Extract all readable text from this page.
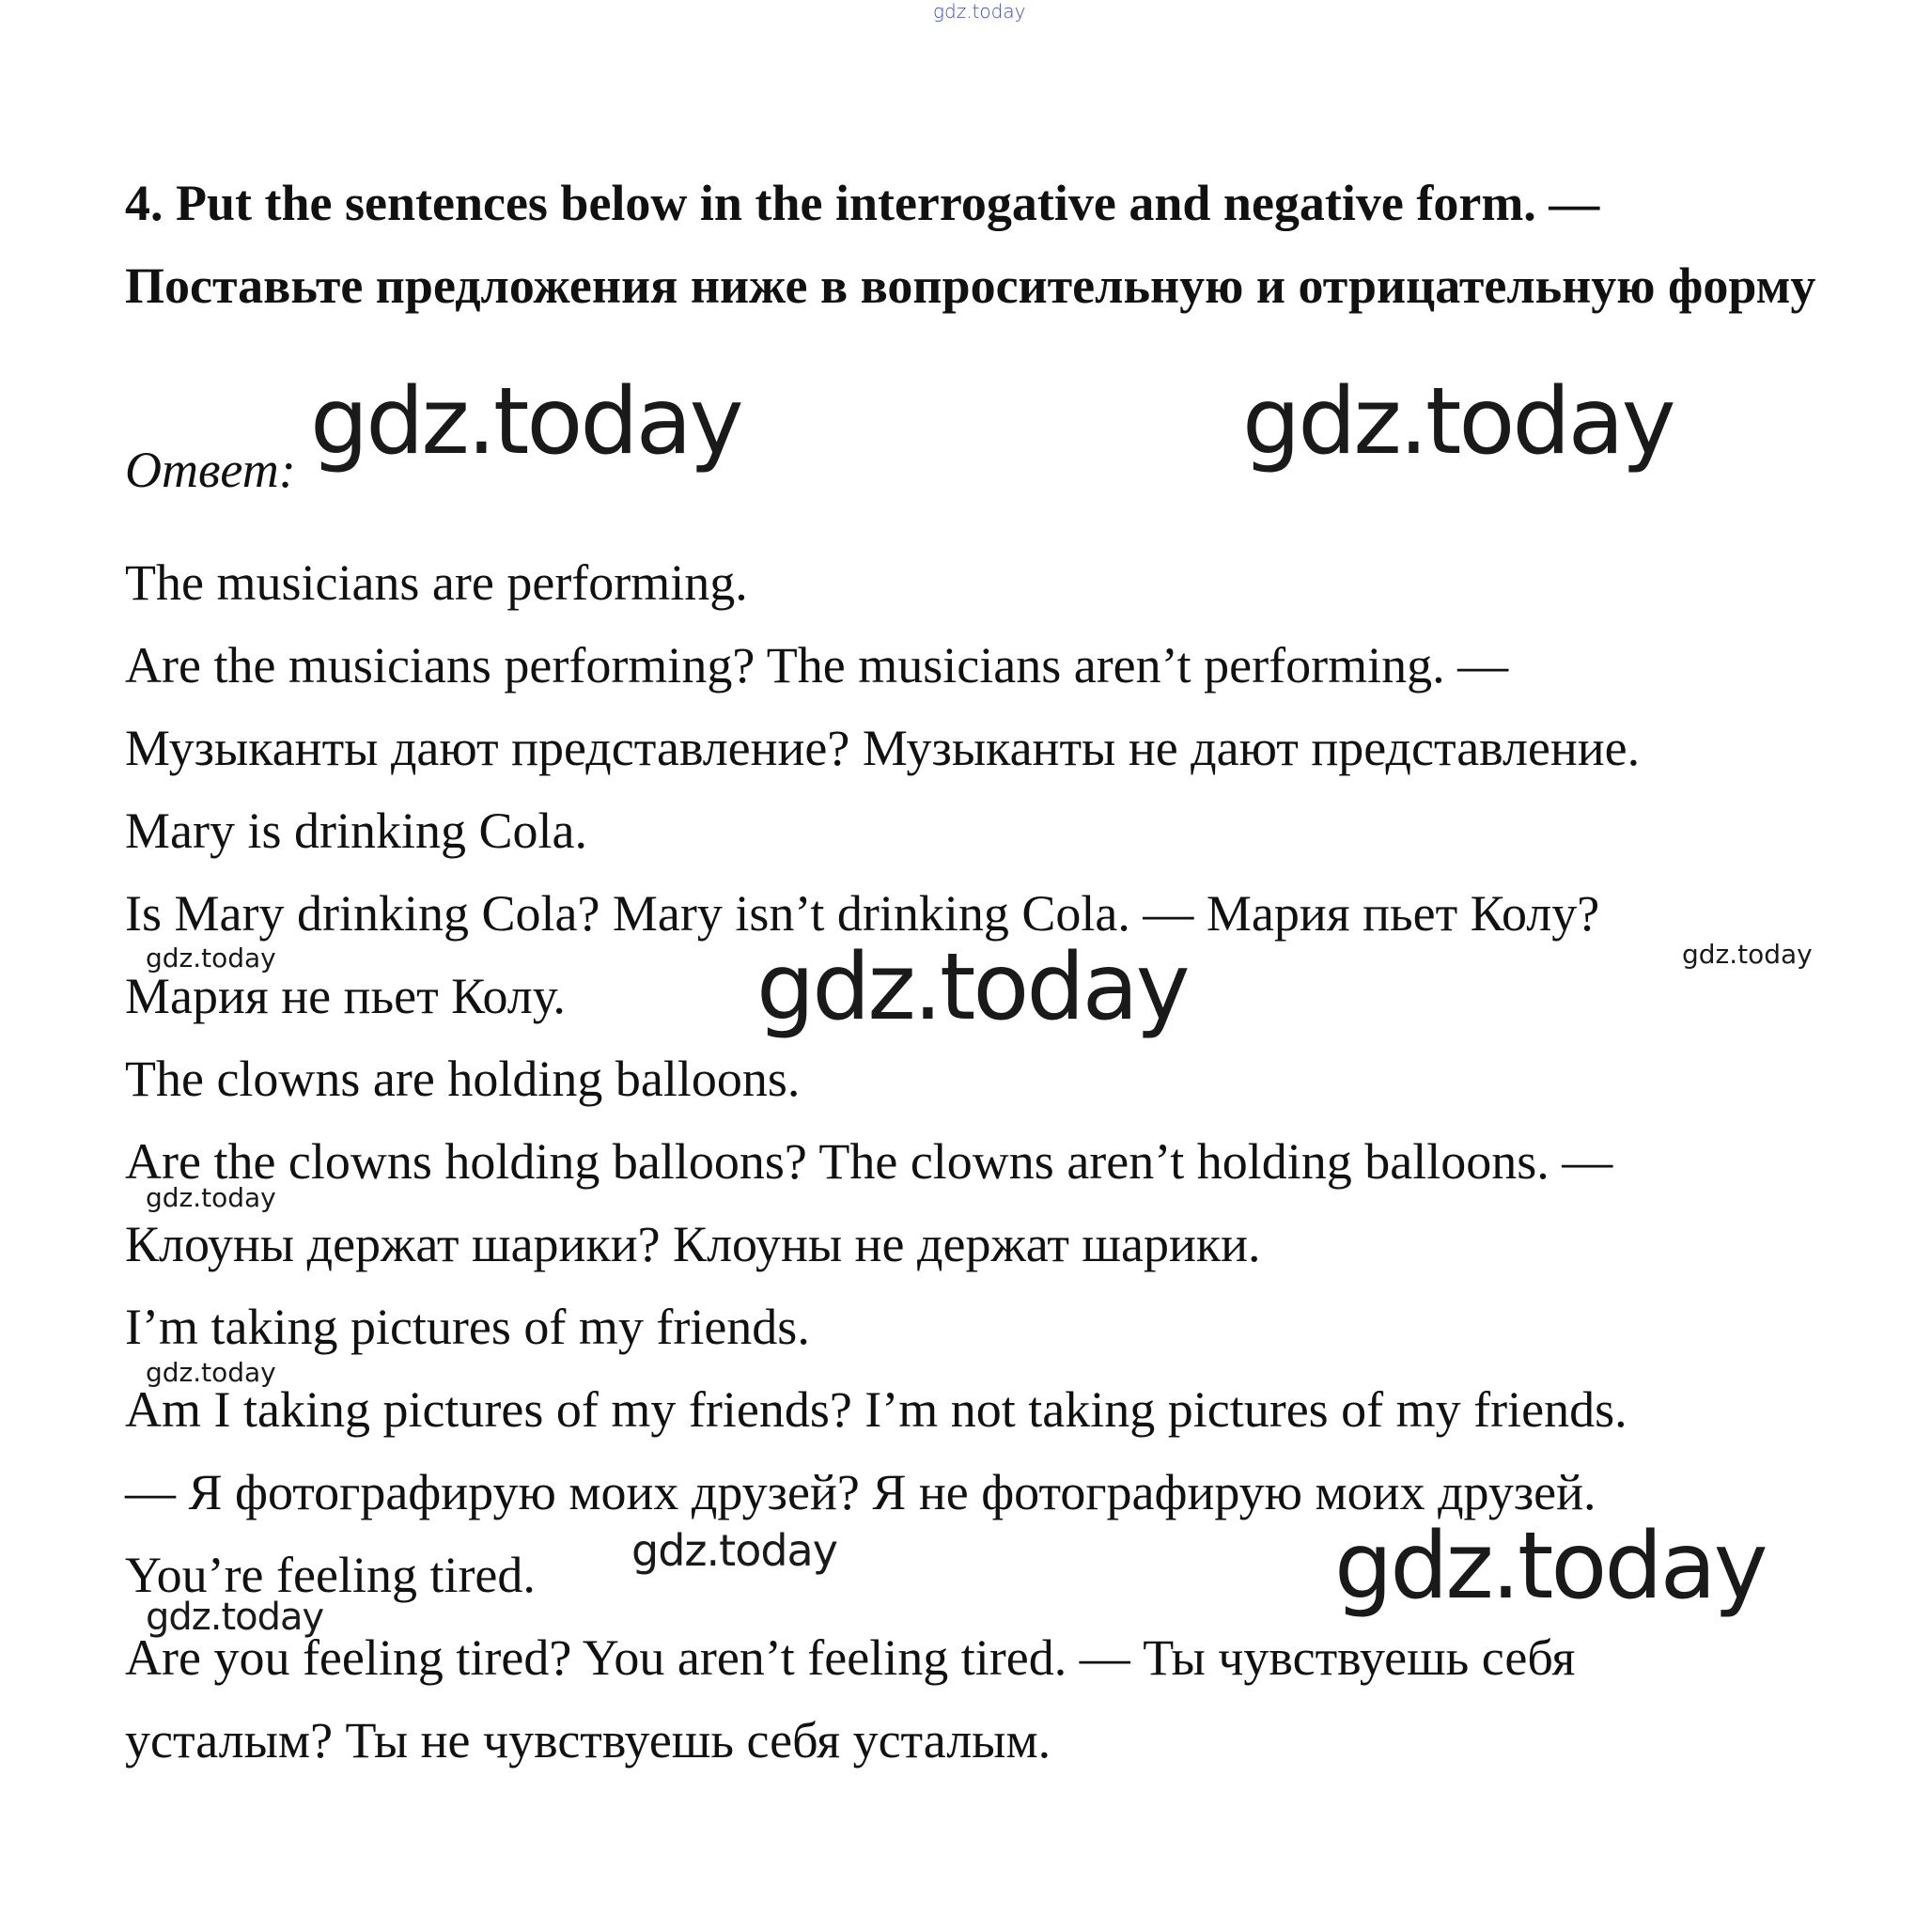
gdz.today

4. Put the sentences below in the interrogative and negative form. — Поставьте предложения ниже в вопросительную и отрицательную форму

gdz.today	gdz.today
Ответ:
The musicians are performing.
Are the musicians performing? The musicians aren’t performing. —
Музыканты дают представление? Музыканты не дают представление.
Mary is drinking Cola.
Is Mary drinking Cola? Mary isn’t drinking Cola. — Мария пьет Колу?
Мария не пьет Колу.
The clowns are holding balloons.
Are the clowns holding balloons? The clowns aren’t holding balloons. —
Клоуны держат шарики? Клоуны не держат шарики.
I’m taking pictures of my friends.
Am I taking pictures of my friends? I’m not taking pictures of my friends.
— Я фотографирую моих друзей? Я не фотографирую моих друзей.
You’re feeling tired.
Are you feeling tired? You aren’t feeling tired. — Ты чувствуешь себя
усталым? Ты не чувствуешь себя усталым.
gdz.today	gdz.today
gdz.today
gdz.today
gdz.today
gdz.today
gdz.today	gdz.today
